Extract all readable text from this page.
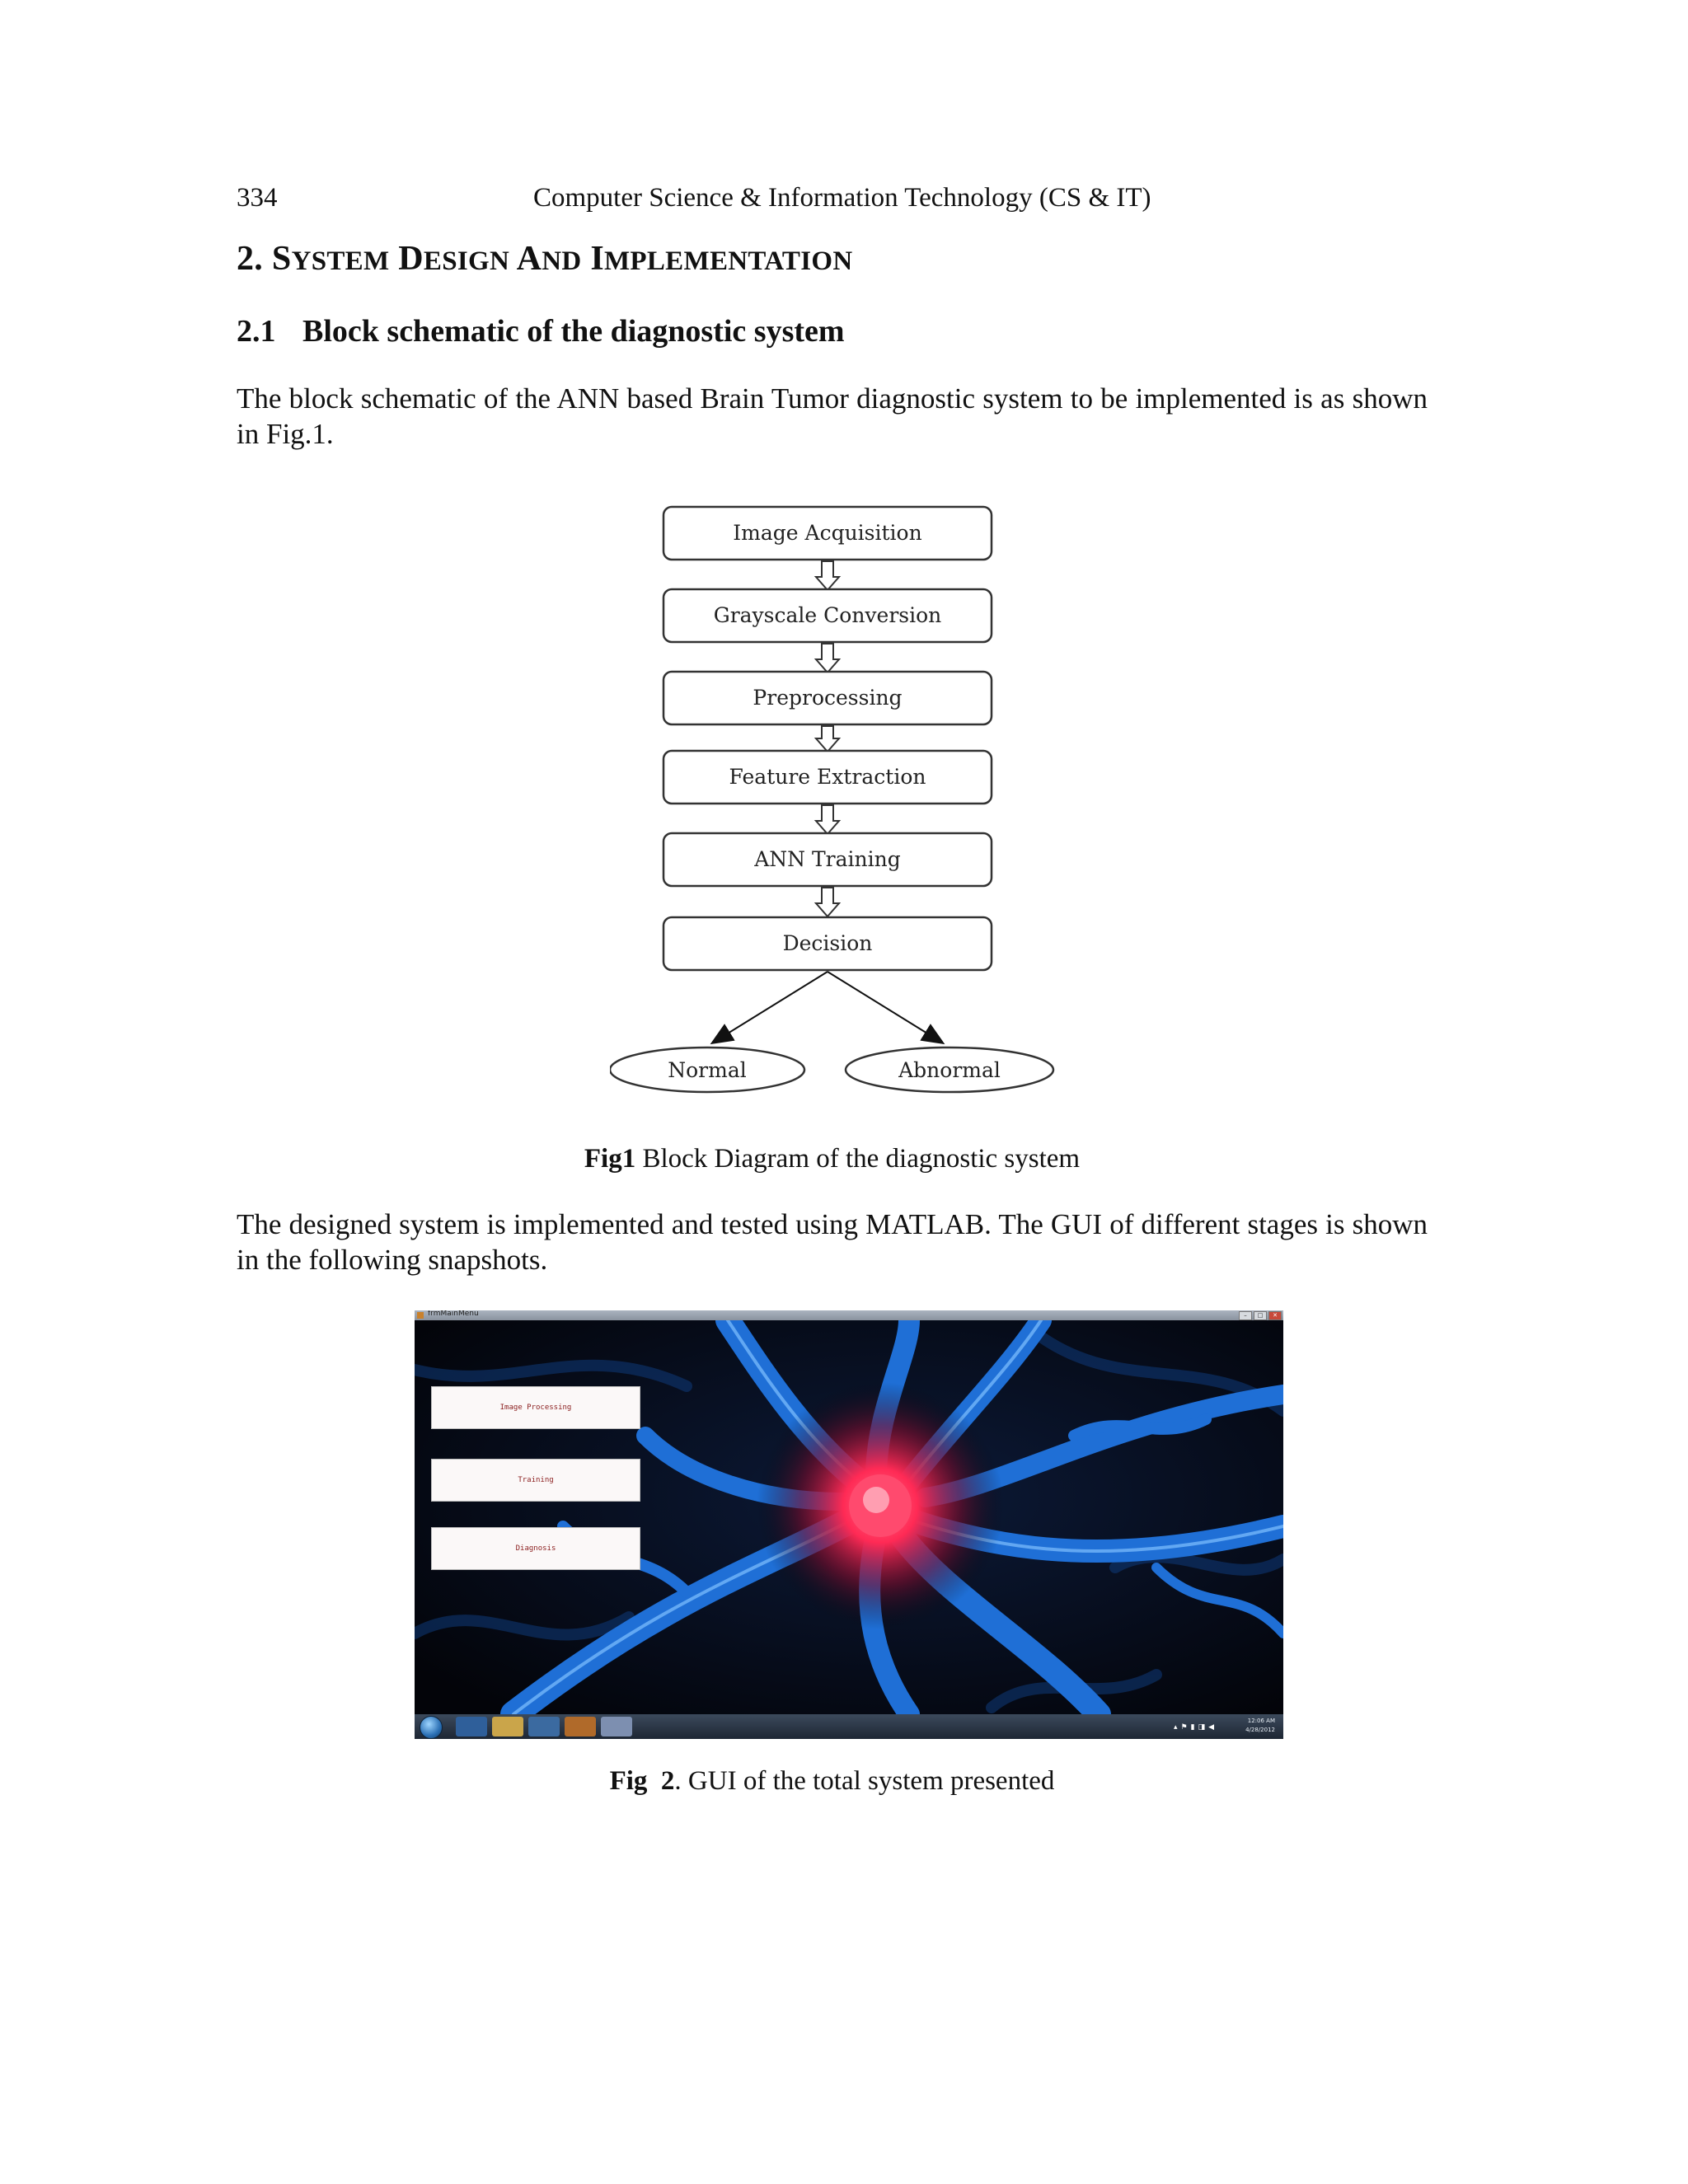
334	Computer Science & Information Technology (CS & IT)
2. SYSTEM DESIGN AND IMPLEMENTATION
2.1 Block schematic of the diagnostic system
The block schematic of the ANN based Brain Tumor diagnostic system to be implemented is as shown in Fig.1.
Image Acquisition
Grayscale Conversion
Preprocessing
Feature Extraction
ANN Training
Decision
Normal	Abnormal
Fig1 Block Diagram of the diagnostic system
The designed system is implemented and tested using MATLAB. The GUI of different stages is shown in the following snapshots.
frmMainMenu	–	□	✕
Image Processing
Training
Diagnosis
▴⚑▮◨◀
12:06 AM
4/28/2012
Fig  2. GUI of the total system presented
